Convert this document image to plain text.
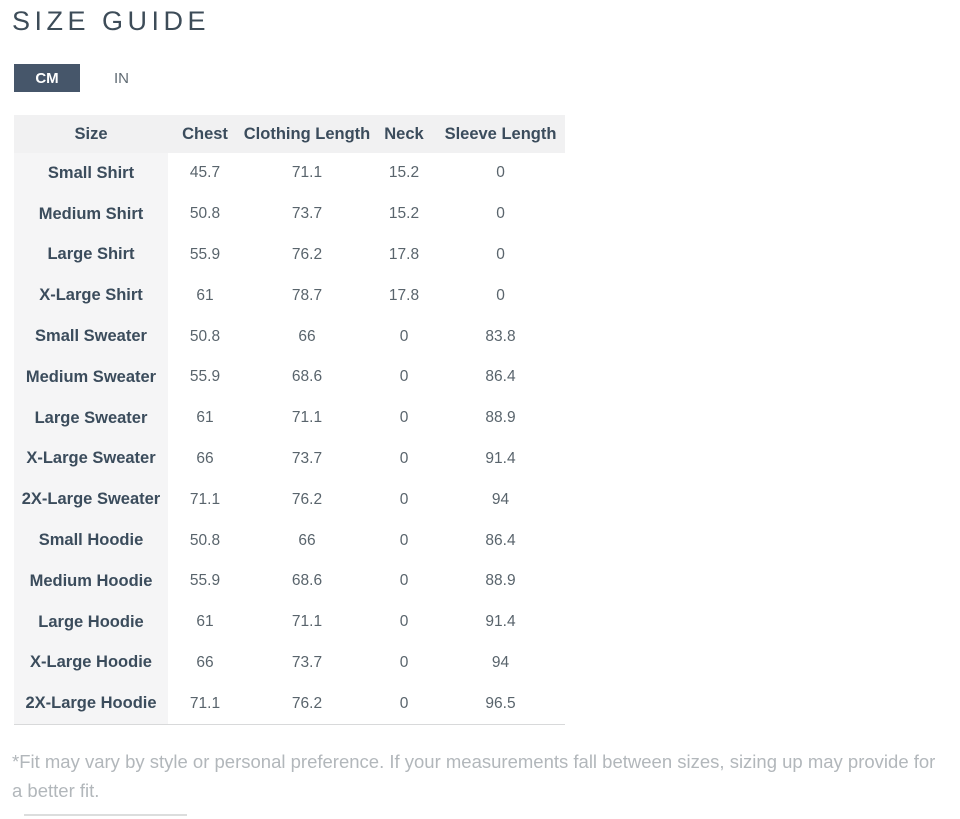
SIZE GUIDE
CM	IN
Size	Chest	Clothing Length	Neck	Sleeve Length
Small Shirt	45.7	71.1	15.2	0
Medium Shirt	50.8	73.7	15.2	0
Large Shirt	55.9	76.2	17.8	0
X-Large Shirt	61	78.7	17.8	0
Small Sweater	50.8	66	0	83.8
Medium Sweater	55.9	68.6	0	86.4
Large Sweater	61	71.1	0	88.9
X-Large Sweater	66	73.7	0	91.4
2X-Large Sweater	71.1	76.2	0	94
Small Hoodie	50.8	66	0	86.4
Medium Hoodie	55.9	68.6	0	88.9
Large Hoodie	61	71.1	0	91.4
X-Large Hoodie	66	73.7	0	94
2X-Large Hoodie	71.1	76.2	0	96.5

*Fit may vary by style or personal preference. If your measurements fall between sizes, sizing up may provide for a better fit.
